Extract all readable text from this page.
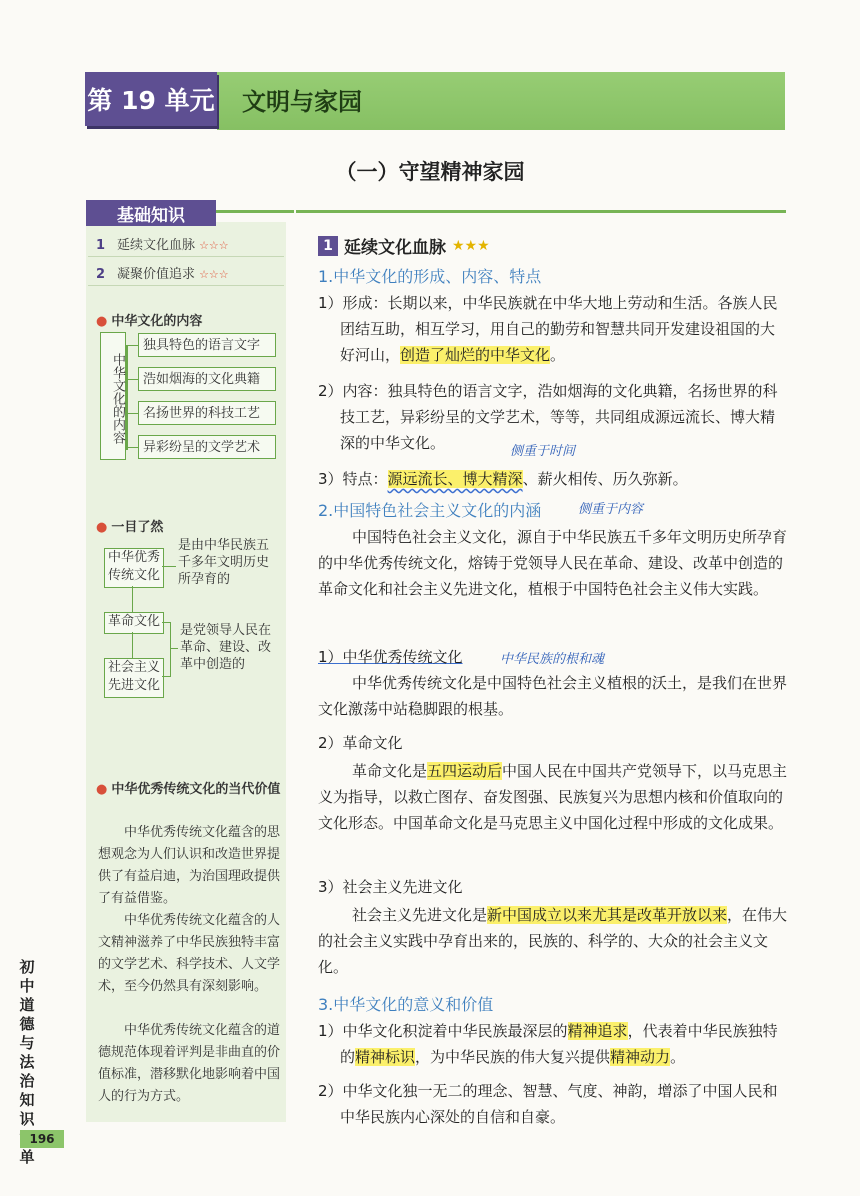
第 19 单元 文明与家园
（一）守望精神家园
基础知识
1 延续文化血脉 ☆☆☆
2 凝聚价值追求 ☆☆☆
● 中华文化的内容
中华文化的内容
独具特色的语言文字
浩如烟海的文化典籍
名扬世界的科技工艺
异彩纷呈的文学艺术
● 一目了然
中华优秀传统文化
是由中华民族五千多年文明历史所孕育的
革命文化
社会主义先进文化
是党领导人民在革命、建设、改革中创造的
● 中华优秀传统文化的当代价值
中华优秀传统文化蕴含的思想观念为人们认识和改造世界提供了有益启迪，为治国理政提供了有益借鉴。
中华优秀传统文化蕴含的人文精神滋养了中华民族独特丰富的文学艺术、科学技术、人文学术，至今仍然具有深刻影响。
中华优秀传统文化蕴含的道德规范体现着评判是非曲直的价值标准，潜移默化地影响着中国人的行为方式。
1 延续文化血脉 ★★★
1.中华文化的形成、内容、特点
1）形成：长期以来，中华民族就在中华大地上劳动和生活。各族人民团结互助，相互学习，用自己的勤劳和智慧共同开发建设祖国的大好河山，创造了灿烂的中华文化。
2）内容：独具特色的语言文字，浩如烟海的文化典籍，名扬世界的科技工艺，异彩纷呈的文学艺术，等等，共同组成源远流长、博大精深的中华文化。	侧重于时间
3）特点：源远流长、博大精深、薪火相传、历久弥新。
2.中国特色社会主义文化的内涵	侧重于内容
中国特色社会主义文化，源自于中华民族五千多年文明历史所孕育的中华优秀传统文化，熔铸于党领导人民在革命、建设、改革中创造的革命文化和社会主义先进文化，植根于中国特色社会主义伟大实践。
1）中华优秀传统文化	中华民族的根和魂
中华优秀传统文化是中国特色社会主义植根的沃土，是我们在世界文化激荡中站稳脚跟的根基。
2）革命文化
革命文化是五四运动后中国人民在中国共产党领导下，以马克思主义为指导，以救亡图存、奋发图强、民族复兴为思想内核和价值取向的文化形态。中国革命文化是马克思主义中国化过程中形成的文化成果。
3）社会主义先进文化
社会主义先进文化是新中国成立以来尤其是改革开放以来，在伟大的社会主义实践中孕育出来的，民族的、科学的、大众的社会主义文化。
3.中华文化的意义和价值
1）中华文化积淀着中华民族最深层的精神追求，代表着中华民族独特的精神标识，为中华民族的伟大复兴提供精神动力。
2）中华文化独一无二的理念、智慧、气度、神韵，增添了中国人民和中华民族内心深处的自信和自豪。
初中道德与法治知识 单
196
